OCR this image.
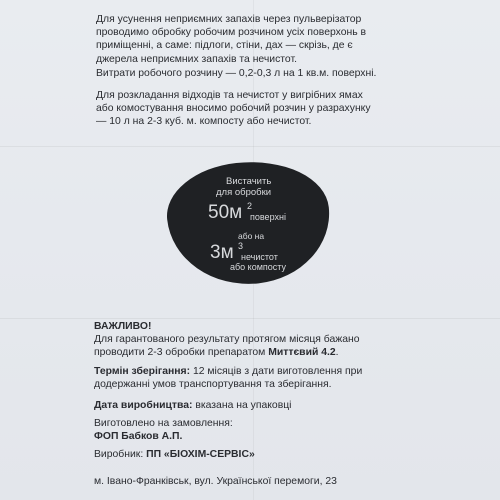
Для усунення неприємних запахів через пульверізатор
проводимо обробку робочим розчином усіх поверхонь в
приміщенні, а саме: підлоги, стіни, дах — скрізь, де є
джерела неприємних запахів та нечистот.
Витрати робочого розчину — 0,2-0,3 л на 1 кв.м. поверхні.
Для розкладання відходів та нечистот у вигрібних ямах
або комостування вносимо робочий розчин у разрахунку
— 10 л на 2-3 куб. м. компосту або нечистот.
Вистачить
для обробки
50м 2
поверхні
або на
3м 3
нечистот
або компосту
ВАЖЛИВО!
Для гарантованого результату протягом місяця бажано
проводити 2-3 обробки препаратом Миттєвий 4.2.
Термін зберігання: 12 місяців з дати виготовлення при
додержанні умов транспортування та зберігання.
Дата виробництва: вказана на упаковці
Виготовлено на замовлення:
ФОП Бабков А.П.
Виробник: ПП «БІОХІМ-СЕРВІС»
м. Івано-Франківськ, вул. Української перемоги, 23
